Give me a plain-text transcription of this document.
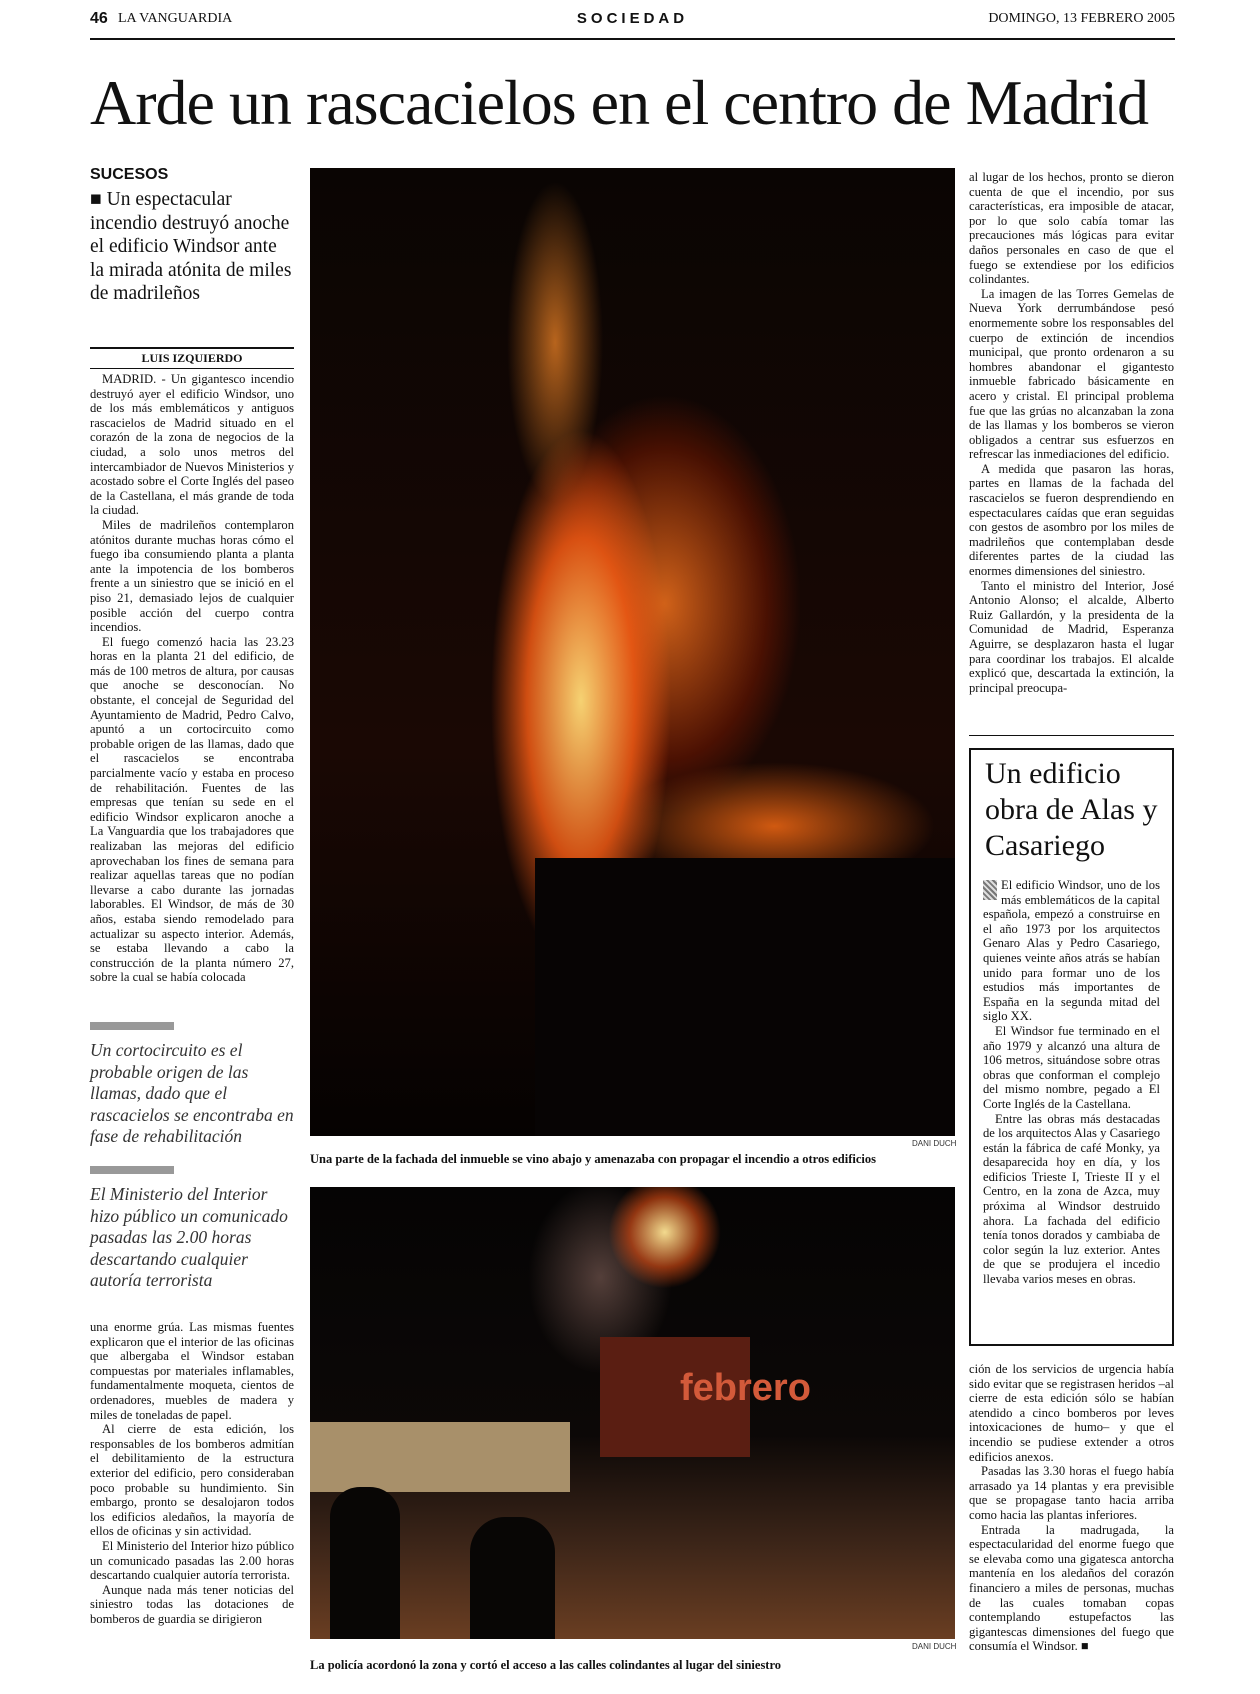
46 LA VANGUARDIA	SOCIEDAD	DOMINGO, 13 FEBRERO 2005
Arde un rascacielos en el centro de Madrid
SUCESOS
■ Un espectacular incendio destruyó anoche el edificio Windsor ante la mirada atónita de miles de madrileños
LUIS IZQUIERDO

MADRID. - Un gigantesco incendio destruyó ayer el edificio Windsor, uno de los más emblemáticos y antiguos rascacielos de Madrid situado en el corazón de la zona de negocios de la ciudad, a solo unos metros del intercambiador de Nuevos Ministerios y acostado sobre el Corte Inglés del paseo de la Castellana, el más grande de toda la ciudad.

Miles de madrileños contemplaron atónitos durante muchas horas cómo el fuego iba consumiendo planta a planta ante la impotencia de los bomberos frente a un siniestro que se inició en el piso 21, demasiado lejos de cualquier posible acción del cuerpo contra incendios.

El fuego comenzó hacia las 23.23 horas en la planta 21 del edificio, de más de 100 metros de altura, por causas que anoche se desconocían. No obstante, el concejal de Seguridad del Ayuntamiento de Madrid, Pedro Calvo, apuntó a un cortocircuito como probable origen de las llamas, dado que el rascacielos se encontraba parcialmente vacío y estaba en proceso de rehabilitación. Fuentes de las empresas que tenían su sede en el edificio Windsor explicaron anoche a La Vanguardia que los trabajadores que realizaban las mejoras del edificio aprovechaban los fines de semana para realizar aquellas tareas que no podían llevarse a cabo durante las jornadas laborables. El Windsor, de más de 30 años, estaba siendo remodelado para actualizar su aspecto interior. Además, se estaba llevando a cabo la construcción de la planta número 27, sobre la cual se había colocada

Un cortocircuito es el probable origen de las llamas, dado que el rascacielos se encontraba en fase de rehabilitación
El Ministerio del Interior hizo público un comunicado pasadas las 2.00 horas descartando cualquier autoría terrorista

una enorme grúa. Las mismas fuentes explicaron que el interior de las oficinas que albergaba el Windsor estaban compuestas por materiales inflamables, fundamentalmente moqueta, cientos de ordenadores, muebles de madera y miles de toneladas de papel.

Al cierre de esta edición, los responsables de los bomberos admitían el debilitamiento de la estructura exterior del edificio, pero consideraban poco probable su hundimiento. Sin embargo, pronto se desalojaron todos los edificios aledaños, la mayoría de ellos de oficinas y sin actividad.

El Ministerio del Interior hizo público un comunicado pasadas las 2.00 horas descartando cualquier autoría terrorista.

Aunque nada más tener noticias del siniestro todas las dotaciones de bomberos de guardia se dirigieron

DANI DUCH
Una parte de la fachada del inmueble se vino abajo y amenazaba con propagar el incendio a otros edificios
febrero
DANI DUCH
La policía acordonó la zona y cortó el acceso a las calles colindantes al lugar del siniestro

al lugar de los hechos, pronto se dieron cuenta de que el incendio, por sus características, era imposible de atacar, por lo que solo cabía tomar las precauciones más lógicas para evitar daños personales en caso de que el fuego se extendiese por los edificios colindantes.

La imagen de las Torres Gemelas de Nueva York derrumbándose pesó enormemente sobre los responsables del cuerpo de extinción de incendios municipal, que pronto ordenaron a su hombres abandonar el gigantesto inmueble fabricado básicamente en acero y cristal. El principal problema fue que las grúas no alcanzaban la zona de las llamas y los bomberos se vieron obligados a centrar sus esfuerzos en refrescar las inmediaciones del edificio.

A medida que pasaron las horas, partes en llamas de la fachada del rascacielos se fueron desprendiendo en espectaculares caídas que eran seguidas con gestos de asombro por los miles de madrileños que contemplaban desde diferentes partes de la ciudad las enormes dimensiones del siniestro.

Tanto el ministro del Interior, José Antonio Alonso; el alcalde, Alberto Ruiz Gallardón, y la presidenta de la Comunidad de Madrid, Esperanza Aguirre, se desplazaron hasta el lugar para coordinar los trabajos. El alcalde explicó que, descartada la extinción, la principal preocupa-

Un edificio obra de Alas y Casariego

El edificio Windsor, uno de los más emblemáticos de la capital española, empezó a construirse en el año 1973 por los arquitectos Genaro Alas y Pedro Casariego, quienes veinte años atrás se habían unido para formar uno de los estudios más importantes de España en la segunda mitad del siglo XX.

El Windsor fue terminado en el año 1979 y alcanzó una altura de 106 metros, situándose sobre otras obras que conforman el complejo del mismo nombre, pegado a El Corte Inglés de la Castellana.

Entre las obras más destacadas de los arquitectos Alas y Casariego están la fábrica de café Monky, ya desaparecida hoy en día, y los edificios Trieste I, Trieste II y el Centro, en la zona de Azca, muy próxima al Windsor destruido ahora. La fachada del edificio tenía tonos dorados y cambiaba de color según la luz exterior. Antes de que se produjera el incedio llevaba varios meses en obras.

ción de los servicios de urgencia había sido evitar que se registrasen heridos –al cierre de esta edición sólo se habían atendido a cinco bomberos por leves intoxicaciones de humo– y que el incendio se pudiese extender a otros edificios anexos.

Pasadas las 3.30 horas el fuego había arrasado ya 14 plantas y era previsible que se propagase tanto hacia arriba como hacia las plantas inferiores.

Entrada la madrugada, la espectacularidad del enorme fuego que se elevaba como una gigatesca antorcha mantenía en los aledaños del corazón financiero a miles de personas, muchas de las cuales tomaban copas contemplando estupefactos las gigantescas dimensiones del fuego que consumía el Windsor. ■
